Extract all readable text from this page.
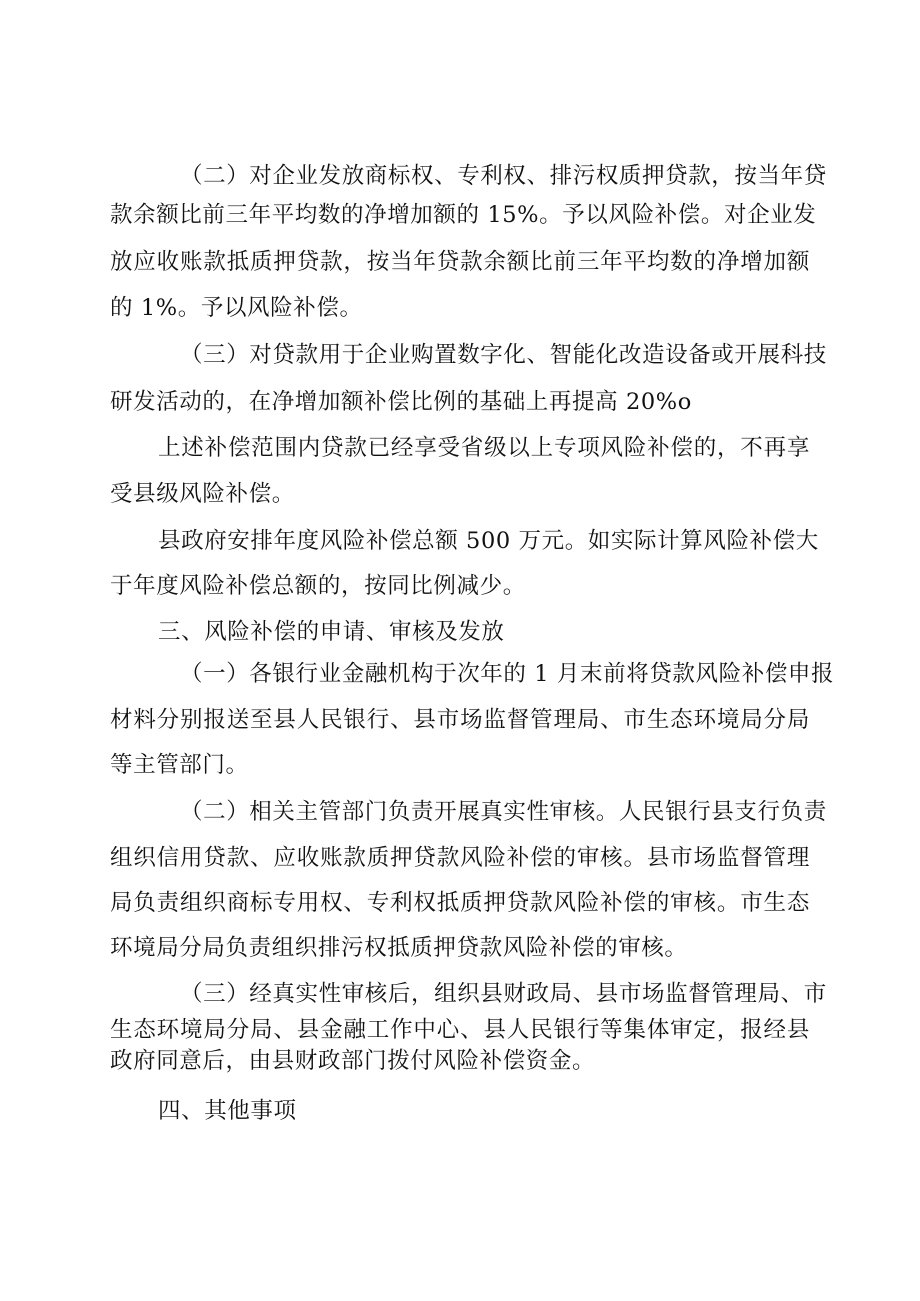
（二）对企业发放商标权、专利权、排污权质押贷款，按当年贷
款余额比前三年平均数的净增加额的 15%。予以风险补偿。对企业发
放应收账款抵质押贷款，按当年贷款余额比前三年平均数的净增加额
的 1%。予以风险补偿。
（三）对贷款用于企业购置数字化、智能化改造设备或开展科技
研发活动的，在净增加额补偿比例的基础上再提高 20%o
上述补偿范围内贷款已经享受省级以上专项风险补偿的，不再享
受县级风险补偿。
县政府安排年度风险补偿总额 500 万元。如实际计算风险补偿大
于年度风险补偿总额的，按同比例减少。
三、风险补偿的申请、审核及发放
（一）各银行业金融机构于次年的 1 月末前将贷款风险补偿申报
材料分别报送至县人民银行、县市场监督管理局、市生态环境局分局
等主管部门。
（二）相关主管部门负责开展真实性审核。人民银行县支行负责
组织信用贷款、应收账款质押贷款风险补偿的审核。县市场监督管理
局负责组织商标专用权、专利权抵质押贷款风险补偿的审核。市生态
环境局分局负责组织排污权抵质押贷款风险补偿的审核。
（三）经真实性审核后，组织县财政局、县市场监督管理局、市
生态环境局分局、县金融工作中心、县人民银行等集体审定，报经县
政府同意后，由县财政部门拨付风险补偿资金。
四、其他事项
